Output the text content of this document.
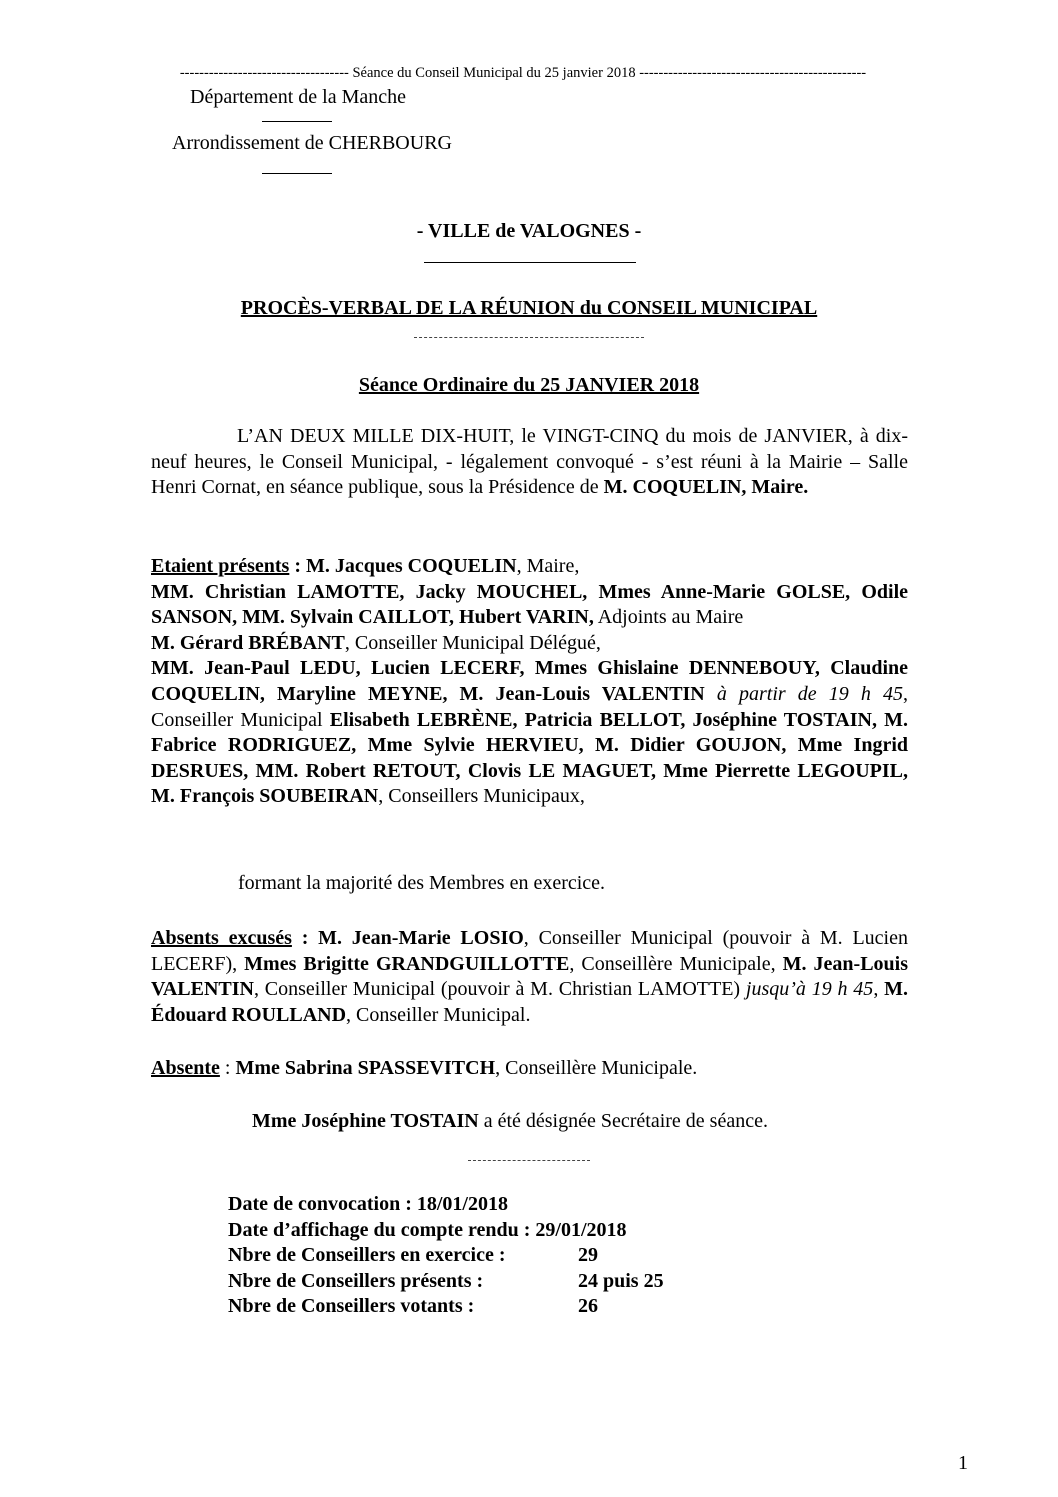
----------------------------------- Séance du Conseil Municipal du 25 janvier 2018 -----------------------------------------------
Département de la Manche
Arrondissement de CHERBOURG
- VILLE de VALOGNES -
PROCÈS-VERBAL DE LA RÉUNION du CONSEIL MUNICIPAL
Séance Ordinaire du 25 JANVIER 2018
L’AN DEUX MILLE DIX-HUIT, le VINGT-CINQ du mois de JANVIER, à dix-neuf heures, le Conseil Municipal, - légalement convoqué - s’est réuni à la Mairie – Salle Henri Cornat, en séance publique, sous la Présidence de M. COQUELIN, Maire.

Etaient présents : M. Jacques COQUELIN, Maire,

MM. Christian LAMOTTE, Jacky MOUCHEL, Mmes Anne-Marie GOLSE, Odile SANSON, MM. Sylvain CAILLOT, Hubert VARIN, Adjoints au Maire

M. Gérard BRÉBANT, Conseiller Municipal Délégué,

MM. Jean-Paul LEDU, Lucien LECERF, Mmes Ghislaine DENNEBOUY, Claudine COQUELIN, Maryline MEYNE, M. Jean-Louis VALENTIN à partir de 19 h 45, Conseiller Municipal Elisabeth LEBRÈNE, Patricia BELLOT, Joséphine TOSTAIN, M. Fabrice RODRIGUEZ, Mme Sylvie HERVIEU, M. Didier GOUJON, Mme Ingrid DESRUES, MM. Robert RETOUT, Clovis LE MAGUET, Mme Pierrette LEGOUPIL, M. François SOUBEIRAN, Conseillers Municipaux,

formant la majorité des Membres en exercice.
Absents excusés : M. Jean-Marie LOSIO, Conseiller Municipal (pouvoir à M. Lucien LECERF), Mmes Brigitte GRANDGUILLOTTE, Conseillère Municipale, M. Jean-Louis VALENTIN, Conseiller Municipal (pouvoir à M. Christian LAMOTTE) jusqu’à 19 h 45, M. Édouard ROULLAND, Conseiller Municipal.
Absente : Mme Sabrina SPASSEVITCH, Conseillère Municipale.
Mme Joséphine TOSTAIN a été désignée Secrétaire de séance.
Date de convocation : 18/01/2018
Date d’affichage du compte rendu : 29/01/2018
Nbre de Conseillers en exercice :	29
Nbre de Conseillers présents :	24 puis 25
Nbre de Conseillers votants :	26
1
